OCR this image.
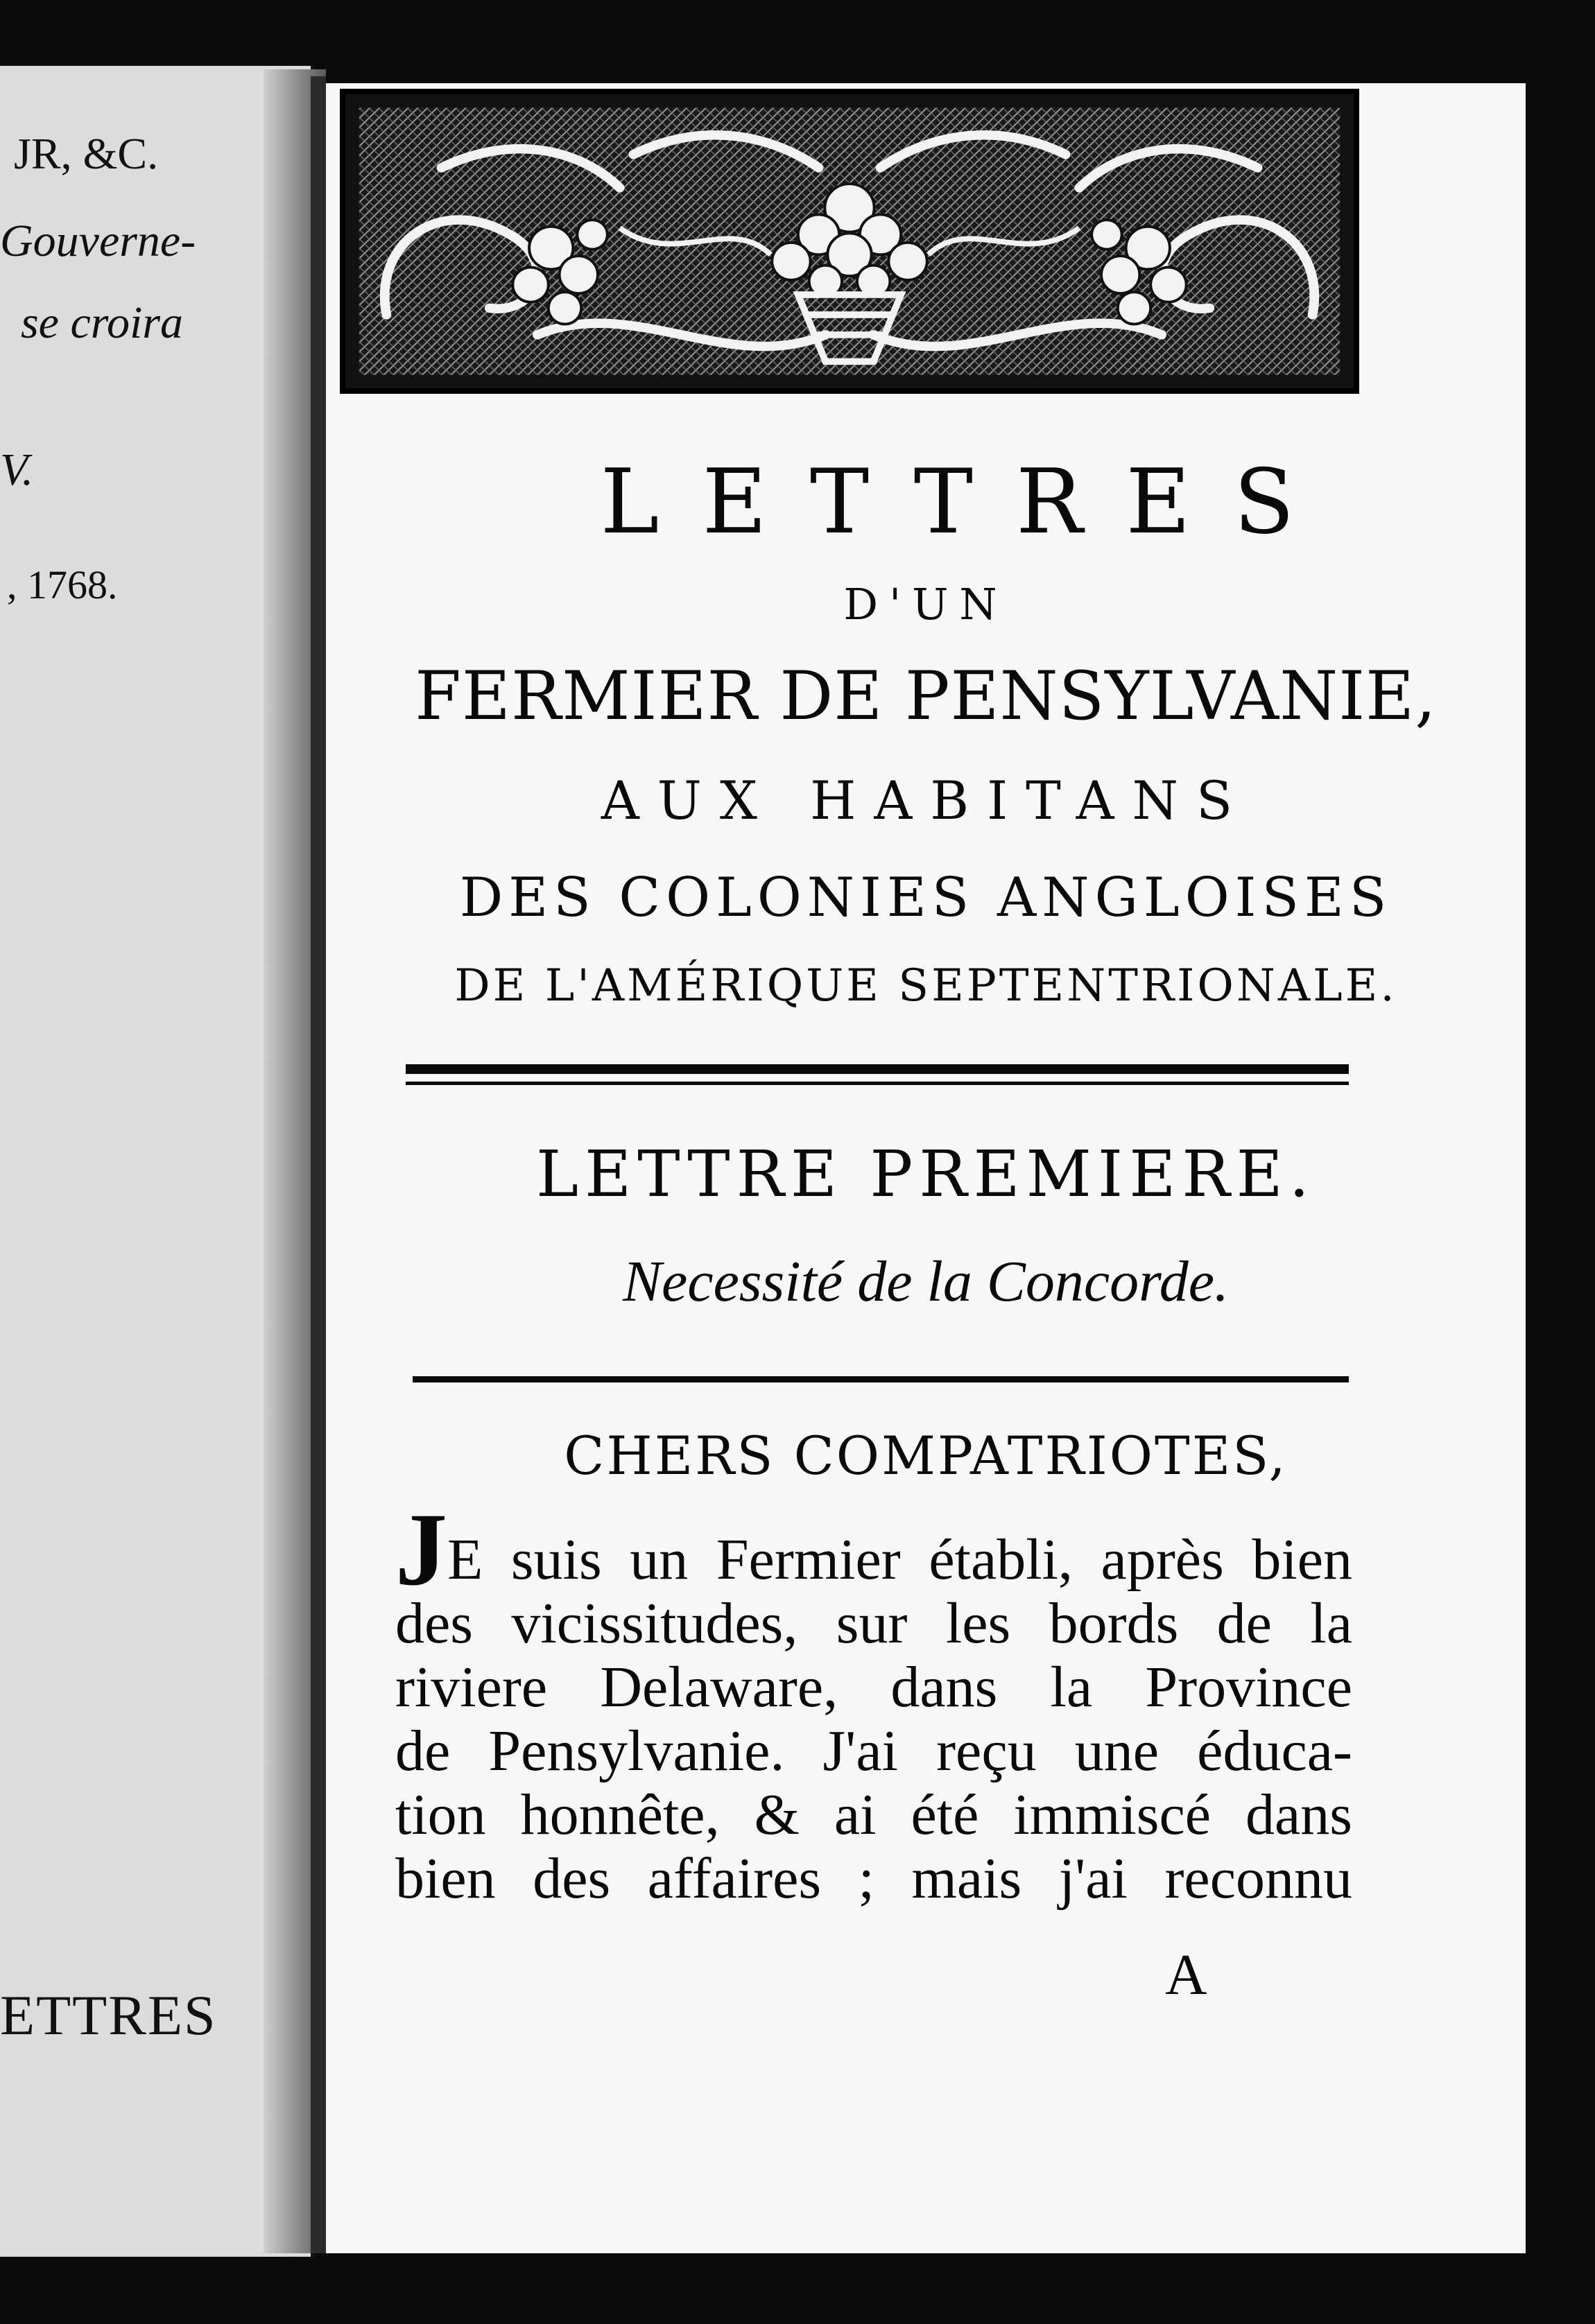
JR, &C.
Gouverne-
se croira
V.
, 1768.
ETTRES
LETTRES
D'UN
FERMIER DE PENSYLVANIE,
AUX HABITANS
DES COLONIES ANGLOISES
DE L'AMÉRIQUE SEPTENTRIONALE.
LETTRE PREMIERE.
Necessité de la Concorde.
CHERS COMPATRIOTES,
JE suis un Fermier établi, après bien
des vicissitudes, sur les bords de la
riviere Delaware, dans la Province
de Pensylvanie. J'ai reçu une éduca-
tion honnête, & ai été immiscé dans
bien des affaires ; mais j'ai reconnu
A
